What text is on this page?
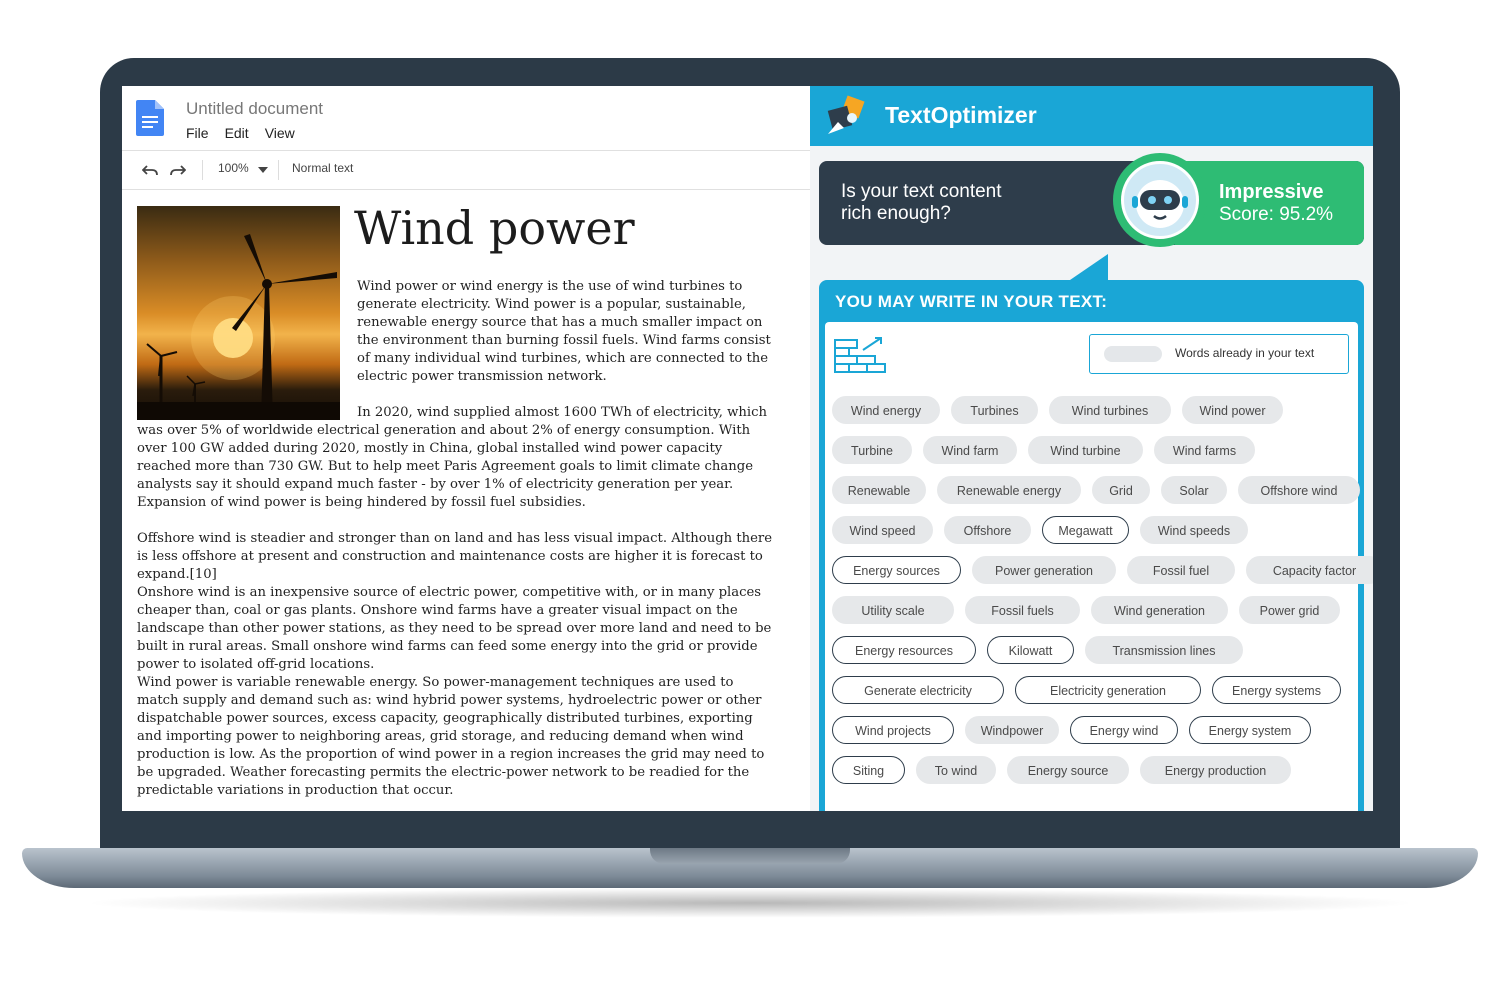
Untitled document
File Edit View
100%	Normal text
Wind power

Wind power or wind energy is the use of wind turbines to generate electricity. Wind power is a popular, sustainable, renewable energy source that has a much smaller impact on the environment than burning fossil fuels. Wind farms consist of many individual wind turbines, which are connected to the electric power transmission network.

In 2020, wind supplied almost 1600 TWh of electricity, which was over 5% of worldwide electrical generation and about 2% of energy consumption. With over 100 GW added during 2020, mostly in China, global installed wind power capacity reached more than 730 GW. But to help meet Paris Agreement goals to limit climate change analysts say it should expand much faster - by over 1% of electricity generation per year. Expansion of wind power is being hindered by fossil fuel subsidies.

Offshore wind is steadier and stronger than on land and has less visual impact. Although there is less offshore at present and construction and maintenance costs are higher it is forecast to expand.[10]

Onshore wind is an inexpensive source of electric power, competitive with, or in many places cheaper than, coal or gas plants. Onshore wind farms have a greater visual impact on the landscape than other power stations, as they need to be spread over more land and need to be built in rural areas. Small onshore wind farms can feed some energy into the grid or provide power to isolated off-grid locations.

Wind power is variable renewable energy. So power-management techniques are used to match supply and demand such as: wind hybrid power systems, hydroelectric power or other dispatchable power sources, excess capacity, geographically distributed turbines, exporting and importing power to neighboring areas, grid storage, and reducing demand when wind production is low. As the proportion of wind power in a region increases the grid may need to be upgraded. Weather forecasting permits the electric-power network to be readied for the predictable variations in production that occur.

TextOptimizer
Is your text content
rich enough?
Impressive
Score: 95.2%
YOU MAY WRITE IN YOUR TEXT:
Words already in your text
Wind energy	Turbines	Wind turbines	Wind power
Turbine	Wind farm	Wind turbine	Wind farms
Renewable	Renewable energy	Grid	Solar	Offshore wind
Wind speed	Offshore	Megawatt	Wind speeds
Energy sources	Power generation	Fossil fuel	Capacity factor
Utility scale	Fossil fuels	Wind generation	Power grid
Energy resources	Kilowatt	Transmission lines
Generate electricity	Electricity generation	Energy systems
Wind projects	Windpower	Energy wind	Energy system
Siting	To wind	Energy source	Energy production
